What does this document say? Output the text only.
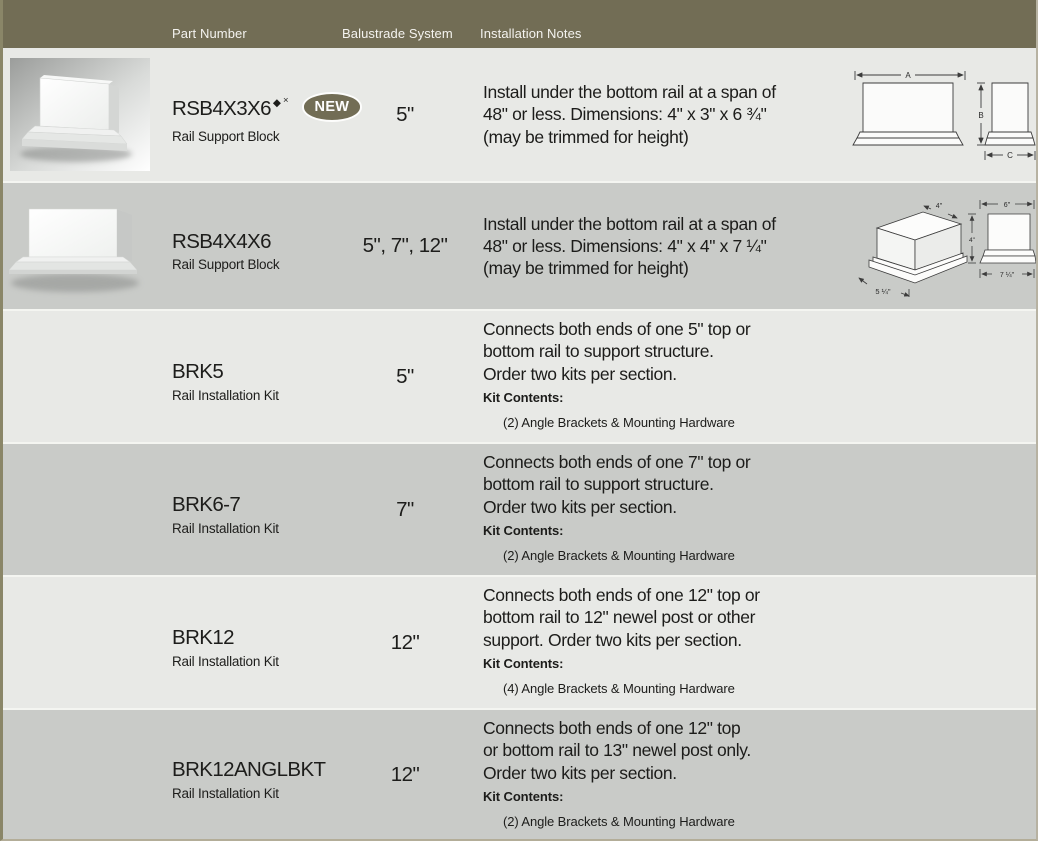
Part Number	Balustrade System Installation Notes
RSB4X3X6 ◆ ×	NEW
Rail Support Block
5"
Install under the bottom rail at a span of
48" or less. Dimensions: 4" x 3" x 6 ¾"
(may be trimmed for height)
A
B
C
RSB4X4X6
Rail Support Block
5", 7", 12"
Install under the bottom rail at a span of
48" or less. Dimensions: 4" x 4" x 7 ¼"
(may be trimmed for height)
4"
5 ¼"
6"
4"
7 ¼"
BRK5
Rail Installation Kit
5"
Connects both ends of one 5" top or
bottom rail to support structure.
Order two kits per section.
Kit Contents:
(2) Angle Brackets & Mounting Hardware
BRK6-7
Rail Installation Kit
7"
Connects both ends of one 7" top or
bottom rail to support structure.
Order two kits per section.
Kit Contents:
(2) Angle Brackets & Mounting Hardware
BRK12
Rail Installation Kit
12"
Connects both ends of one 12" top or
bottom rail to 12" newel post or other
support. Order two kits per section.
Kit Contents:
(4) Angle Brackets & Mounting Hardware
BRK12ANGLBKT
Rail Installation Kit
12"
Connects both ends of one 12" top
or bottom rail to 13" newel post only.
Order two kits per section.
Kit Contents:
(2) Angle Brackets & Mounting Hardware
